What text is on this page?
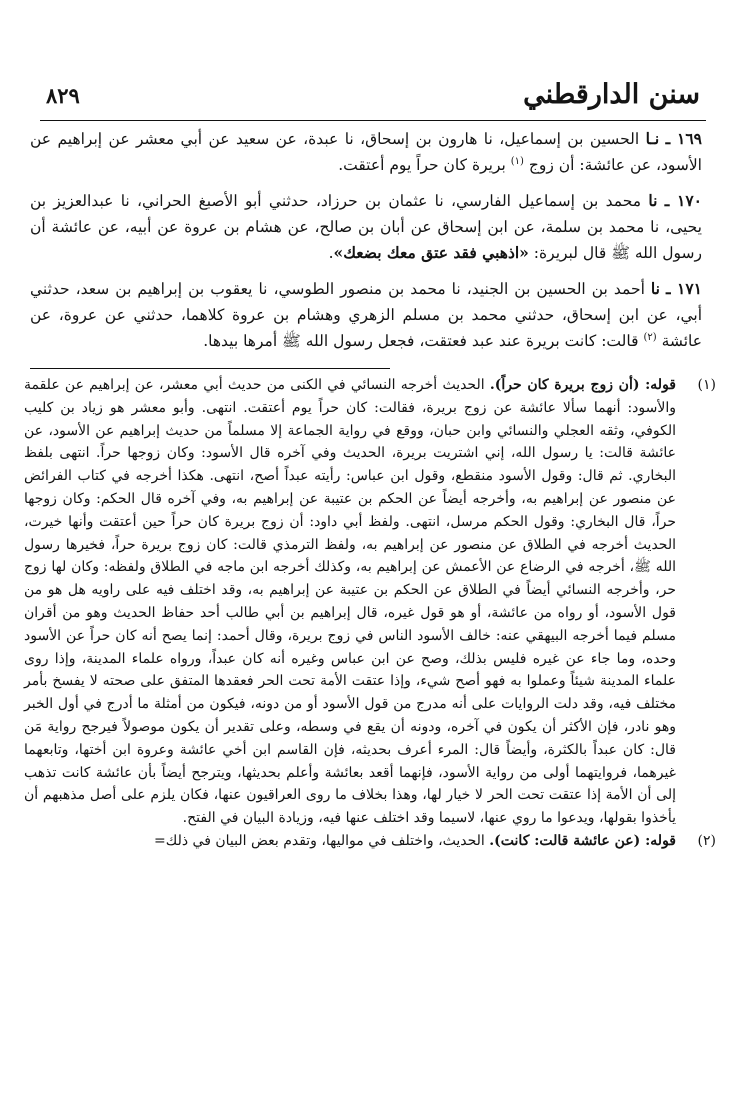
سنن الدارقطني
٨٢٩

١٦٩ ـ نـا الحسين بن إسماعيل، نا هارون بن إسحاق، نا عبدة، عن سعيد عن أبي معشر عن إبراهيم عن الأسود، عن عائشة: أن زوج $^{(١)}$ بريرة كان حراً يوم أعتقت.

١٧٠ ـ نا محمد بن إسماعيل الفارسي، نا عثمان بن حرزاد، حدثني أبو الأصبغ الحراني، نا عبدالعزيز بن يحيى، نا محمد بن سلمة، عن ابن إسحاق عن أبان بن صالح، عن هشام بن عروة عن أبيه، عن عائشة أن رسول الله ﷺ قال لبريرة: «اذهبي فقد عتق معك بضعك».

١٧١ ـ نا أحمد بن الحسين بن الجنيد، نا محمد بن منصور الطوسي، نا يعقوب بن إبراهيم بن سعد، حدثني أبي، عن ابن إسحاق، حدثني محمد بن مسلم الزهري وهشام بن عروة كلاهما، حدثني عن عروة، عن عائشة $^{(٢)}$ قالت: كانت بريرة عند عبد فعتقت، فجعل رسول الله ﷺ أمرها بيدها.

(١)
قوله: (أن زوج بريرة كان حراً). الحديث أخرجه النسائي في الكنى من حديث أبي معشر، عن إبراهيم عن علقمة والأسود: أنهما سألا عائشة عن زوج بريرة، فقالت: كان حراً يوم أعتقت. انتهى. وأبو معشر هو زياد بن كليب الكوفي، وثقه العجلي والنسائي وابن حبان، ووقع في رواية الجماعة إلا مسلماً من حديث إبراهيم عن الأسود، عن عائشة قالت: يا رسول الله، إني اشتريت بريرة، الحديث وفي آخره قال الأسود: وكان زوجها حراً. انتهى بلفظ البخاري. ثم قال: وقول الأسود منقطع، وقول ابن عباس: رأيته عبداً أصح، انتهى. هكذا أخرجه في كتاب الفرائض عن منصور عن إبراهيم به، وأخرجه أيضاً عن الحكم بن عتيبة عن إبراهيم به، وفي آخره قال الحكم: وكان زوجها حراً، قال البخاري: وقول الحكم مرسل، انتهى. ولفظ أبي داود: أن زوج بريرة كان حراً حين أعتقت وأنها خيرت، الحديث أخرجه في الطلاق عن منصور عن إبراهيم به، ولفظ الترمذي قالت: كان زوج بريرة حراً، فخيرها رسول الله ﷺ، أخرجه في الرضاع عن الأعمش عن إبراهيم به، وكذلك أخرجه ابن ماجه في الطلاق ولفظه: وكان لها زوج حر، وأخرجه النسائي أيضاً في الطلاق عن الحكم بن عتيبة عن إبراهيم به، وقد اختلف فيه على راويه هل هو من قول الأسود، أو رواه من عائشة، أو هو قول غيره، قال إبراهيم بن أبي طالب أحد حفاظ الحديث وهو من أقران مسلم فيما أخرجه البيهقي عنه: خالف الأسود الناس في زوج بريرة، وقال أحمد: إنما يصح أنه كان حراً عن الأسود وحده، وما جاء عن غيره فليس بذلك، وصح عن ابن عباس وغيره أنه كان عبداً، ورواه علماء المدينة، وإذا روى علماء المدينة شيئاً وعملوا به فهو أصح شيء، وإذا عتقت الأمة تحت الحر فعقدها المتفق على صحته لا يفسخ بأمر مختلف فيه، وقد دلت الروايات على أنه مدرج من قول الأسود أو من دونه، فيكون من أمثلة ما أدرج في أول الخبر وهو نادر، فإن الأكثر أن يكون في آخره، ودونه أن يقع في وسطه، وعلى تقدير أن يكون موصولاً فيرجح رواية مَن قال: كان عبداً بالكثرة، وأيضاً قال: المرء أعرف بحديثه، فإن القاسم ابن أخي عائشة وعروة ابن أختها، وتابعهما غيرهما، فروايتهما أولى من رواية الأسود، فإنهما أقعد بعائشة وأعلم بحديثها، ويترجح أيضاً بأن عائشة كانت تذهب إلى أن الأمة إذا عتقت تحت الحر لا خيار لها، وهذا بخلاف ما روى العراقيون عنها، فكان يلزم على أصل مذهبهم أن يأخذوا بقولها، ويدعوا ما روي عنها، لاسيما وقد اختلف عنها فيه، وزيادة البيان في الفتح.

(٢)
قوله: (عن عائشة قالت: كانت). الحديث، واختلف في مواليها، وتقدم بعض البيان في ذلك=
